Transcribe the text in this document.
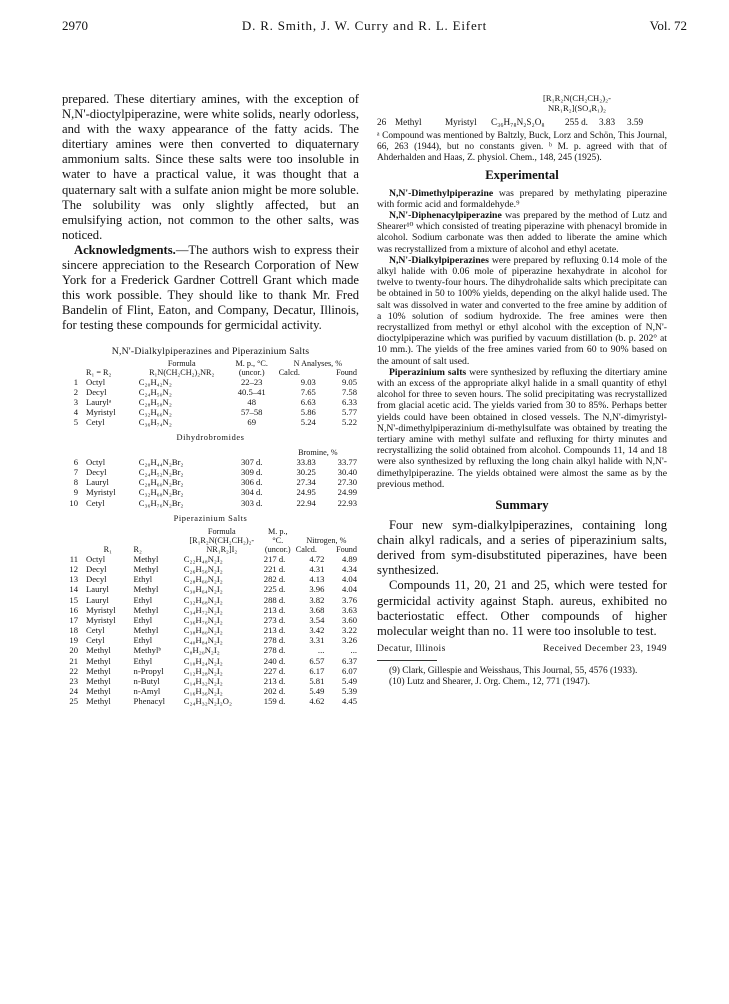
2970	D. R. Smith, J. W. Curry and R. L. Eifert	Vol. 72

prepared. These ditertiary amines, with the exception of N,N'-dioctylpiperazine, were white solids, nearly odorless, and with the waxy appearance of the fatty acids. The ditertiary amines were then converted to diquaternary ammonium salts. Since these salts were too insoluble in water to have a practical value, it was thought that a quaternary salt with a sulfate anion might be more soluble. The solubility was only slightly affected, but an emulsifying action, not common to the other salts, was noticed.

Acknowledgments.—The authors wish to express their sincere appreciation to the Research Corporation of New York for a Frederick Gardner Cottrell Grant which made this work possible. They should like to thank Mr. Fred Bandelin of Flint, Eaton, and Company, Decatur, Illinois, for testing these compounds for germicidal activity.

N,N'-Dialkylpiperazines and Piperazinium Salts
	R₁ = R₂	Formula R₁N(CH₂CH₂)₂NR₂	M. p., °C. (uncor.)	N Analyses, %
Calcd. Found	

1	Octyl	C₂₀H₄₂N₂	22–23	9.03	9.05
2	Decyl	C₂₄H₅₀N₂	40.5–41	7.65	7.58
3	Laurylᵃ	C₂₈H₅₈N₂	48	6.63	6.33
4	Myristyl	C₃₂H₆₆N₂	57–58	5.86	5.77
5	Cetyl	C₃₆H₇₄N₂	69	5.24	5.22

Dihydrobromides					

				Bromine, %	
6	Octyl	C₂₀H₄₄N₂Br₂	307 d.	33.83	33.77
7	Decyl	C₂₄H₅₂N₂Br₂	309 d.	30.25	30.40
8	Lauryl	C₂₈H₆₀N₂Br₂	306 d.	27.34	27.30
9	Myristyl	C₃₂H₆₈N₂Br₂	304 d.	24.95	24.99
10	Cetyl	C₃₆H₇₆N₂Br₂	303 d.	22.94	22.93
Piperazinium Salts
	R₁	R₂	Formula [R₁R₂N(CH₂CH₂)₂-NR₁R₂]I₂	M. p., °C. (uncor.)	Nitrogen, %
Calcd. Found	

11	Octyl	Methyl	C₂₂H₄₈N₂I₂	217 d.	4.72	4.89
12	Decyl	Methyl	C₂₆H₅₆N₂I₂	221 d.	4.31	4.34
13	Decyl	Ethyl	C₂₈H₆₀N₂I₂	282 d.	4.13	4.04
14	Lauryl	Methyl	C₃₀H₆₄N₂I₂	225 d.	3.96	4.04
15	Lauryl	Ethyl	C₃₂H₆₈N₂I₂	288 d.	3.82	3.76
16	Myristyl	Methyl	C₃₄H₇₂N₂I₂	213 d.	3.68	3.63
17	Myristyl	Ethyl	C₃₆H₇₆N₂I₂	273 d.	3.54	3.60
18	Cetyl	Methyl	C₃₈H₈₀N₂I₂	213 d.	3.42	3.22
19	Cetyl	Ethyl	C₄₀H₈₄N₂I₂	278 d.	3.31	3.26
20	Methyl	Methylᵇ	C₈H₂₀N₂I₂	278 d.	...	...
21	Methyl	Ethyl	C₁₀H₂₄N₂I₂	240 d.	6.57	6.37
22	Methyl	n-Propyl	C₁₂H₂₈N₂I₂	227 d.	6.17	6.07
23	Methyl	n-Butyl	C₁₄H₃₂N₂I₂	213 d.	5.81	5.49
24	Methyl	n-Amyl	C₁₆H₃₆N₂I₂	202 d.	5.49	5.39
25	Methyl	Phenacyl	C₂₄H₃₂N₂I₂O₂	159 d.	4.62	4.45
[R₁R₂N(CH₂CH₂)₂-
NR₁R₂](SO₄R₁)₂
26 Methyl	Myristyl	C₃₆H₇₈N₂S₂O₈	255 d.	3.83	3.59

ᵃ Compound was mentioned by Baltzly, Buck, Lorz and Schön, This Journal, 66, 263 (1944), but no constants given. ᵇ M. p. agreed with that of Ahderhalden and Haas, Z. physiol. Chem., 148, 245 (1925).

Experimental

N,N'-Dimethylpiperazine was prepared by methylating piperazine with formic acid and formaldehyde.⁹

N,N'-Diphenacylpiperazine was prepared by the method of Lutz and Shearer¹⁰ which consisted of treating piperazine with phenacyl bromide in alcohol. Sodium carbonate was then added to liberate the amine which was recrystallized from a mixture of alcohol and ethyl acetate.

N,N'-Dialkylpiperazines were prepared by refluxing 0.14 mole of the alkyl halide with 0.06 mole of piperazine hexahydrate in alcohol for twelve to twenty-four hours. The dihydrohalide salts which precipitate can be obtained in 50 to 100% yields, depending on the alkyl halide used. The salt was dissolved in water and converted to the free amine by addition of a 10% solution of sodium hydroxide. The free amines were then recrystallized from methyl or ethyl alcohol with the exception of N,N'-dioctylpiperazine which was purified by vacuum distillation (b. p. 202° at 10 mm.). The yields of the free amines varied from 60 to 90% based on the amount of salt used.

Piperazinium salts were synthesized by refluxing the ditertiary amine with an excess of the appropriate alkyl halide in a small quantity of ethyl alcohol for three to seven hours. The solid precipitating was recrystallized from glacial acetic acid. The yields varied from 30 to 85%. Perhaps better yields could have been obtained in closed vessels. The N,N'-dimyristyl-N,N'-dimethylpiperazinium di-methylsulfate was obtained by treating the tertiary amine with methyl sulfate and refluxing for thirty minutes and recrystallizing the solid obtained from alcohol. Compounds 11, 14 and 18 were also synthesized by refluxing the long chain alkyl halide with N,N'-dimethylpiperazine. The yields obtained were almost the same as by the previous method.

Summary

Four new sym-dialkylpiperazines, containing long chain alkyl radicals, and a series of piperazinium salts, derived from sym-disubstituted piperazines, have been synthesized.

Compounds 11, 20, 21 and 25, which were tested for germicidal activity against Staph. aureus, exhibited no bacteriostatic effect. Other compounds of higher molecular weight than no. 11 were too insoluble to test.

Decatur, Illinois	Received December 23, 1949

(9) Clark, Gillespie and Weisshaus, This Journal, 55, 4576 (1933).

(10) Lutz and Shearer, J. Org. Chem., 12, 771 (1947).
